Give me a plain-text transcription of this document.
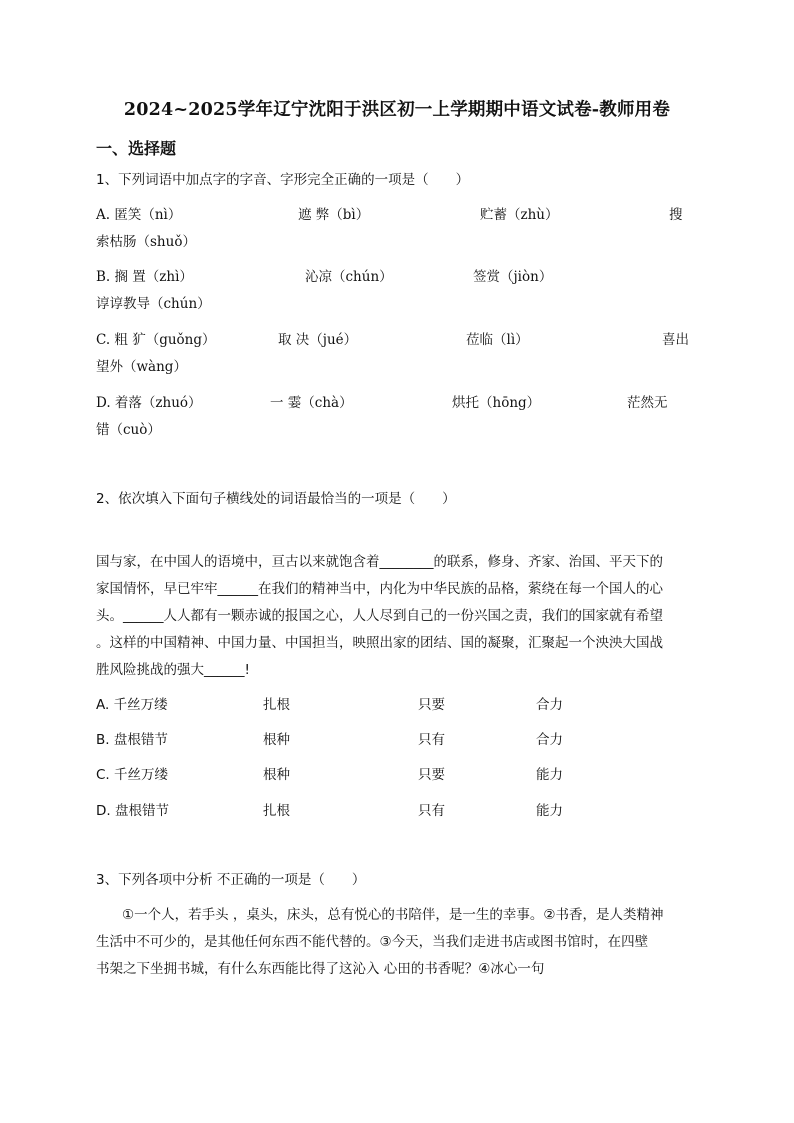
2024~2025学年辽宁沈阳于洪区初一上学期期中语文试卷-教师用卷
一、选择题
1、下列词语中加点字的字音、字形完全正确的一项是（　　）
A. 匿笑（nì）	遮 弊（bì）	贮蓄（zhù）	搜
索枯肠（shuǒ）
B. 搁 置（zhì）	沁凉（chún）	签赏（jiòn）
谆谆教导（chún）
C. 粗 犷（guǒng）	取 决（jué）	莅临（lì）	喜出
望外（wàng）
D. 着落（zhuó）	一 霎（chà）	烘托（hōng）	茫然无
错（cuò）
2、依次填入下面句子横线处的词语最恰当的一项是（　　）
国与家，在中国人的语境中，亘古以来就饱含着________的联系，修身、齐家、治国、平天下的
家国情怀，早已牢牢______在我们的精神当中，内化为中华民族的品格，萦绕在每一个国人的心
头。______人人都有一颗赤诚的报国之心，人人尽到自己的一份兴国之责，我们的国家就有希望
。这样的中国精神、中国力量、中国担当，映照出家的团结、国的凝聚，汇聚起一个泱泱大国战
胜风险挑战的强大______!
A. 千丝万缕	扎根	只要	合力
B. 盘根错节	根种	只有	合力
C. 千丝万缕	根种	只要	能力
D. 盘根错节	扎根	只有	能力
3、下列各项中分析 不正确的一项是（　　）
①一个人，若手头 ，桌头，床头，总有悦心的书陪伴，是一生的幸事。②书香，是人类精神
生活中不可少的，是其他任何东西不能代替的。③今天，当我们走进书店或图书馆时，在四壁
书架之下坐拥书城，有什么东西能比得了这沁入 心田的书香呢？④冰心一句
